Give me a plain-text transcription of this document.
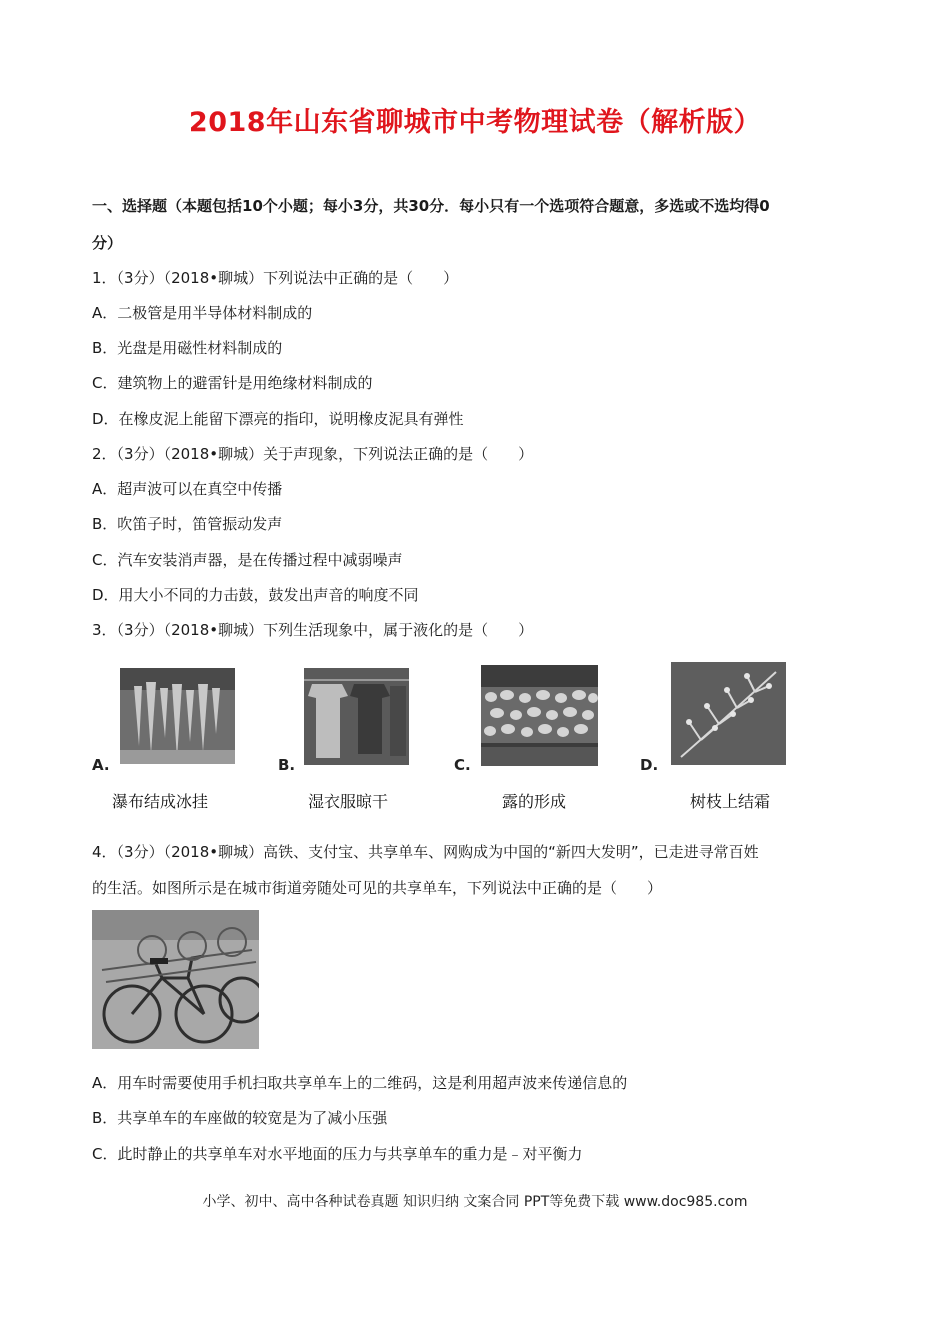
2018年山东省聊城市中考物理试卷（解析版）
一、选择题（本题包括10个小题；每小3分，共30分．每小只有一个选项符合题意，多选或不选均得0
分）
1．（3分）（2018•聊城）下列说法中正确的是（　　）
A．二极管是用半导体材料制成的
B．光盘是用磁性材料制成的
C．建筑物上的避雷针是用绝缘材料制成的
D．在橡皮泥上能留下漂亮的指印，说明橡皮泥具有弹性
2．（3分）（2018•聊城）关于声现象，下列说法正确的是（　　）
A．超声波可以在真空中传播
B．吹笛子时，笛管振动发声
C．汽车安装消声器，是在传播过程中减弱噪声
D．用大小不同的力击鼓，鼓发出声音的响度不同
3．（3分）（2018•聊城）下列生活现象中，属于液化的是（　　）
A.
瀑布结成冰挂
B.
湿衣服晾干
C.
露的形成
D.
树枝上结霜
4．（3分）（2018•聊城）高铁、支付宝、共享单车、网购成为中国的“新四大发明”，已走进寻常百姓
的生活。如图所示是在城市街道旁随处可见的共享单车，下列说法中正确的是（　　）
A．用车时需要使用手机扫取共享单车上的二维码，这是利用超声波来传递信息的
B．共享单车的车座做的较宽是为了减小压强
C．此时静止的共享单车对水平地面的压力与共享单车的重力是﹣对平衡力
小学、初中、高中各种试卷真题 知识归纳 文案合同 PPT等免费下载 www.doc985.com
